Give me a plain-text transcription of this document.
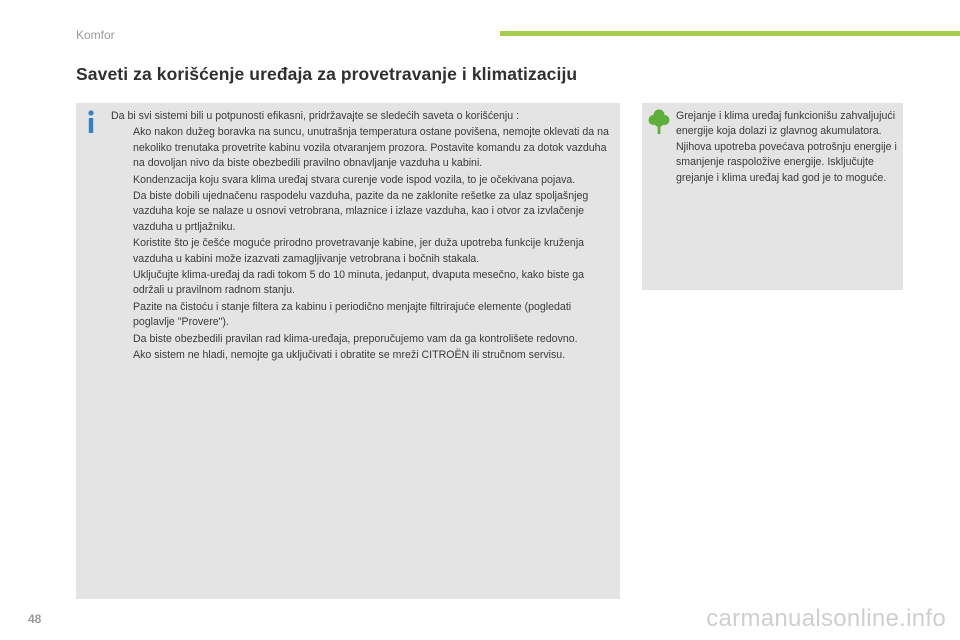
Komfor
Saveti za korišćenje uređaja za provetravanje i klimatizaciju

Da bi svi sistemi bili u potpunosti efikasni, pridržavajte se sledećih saveta o korišćenju :

Ako nakon dužeg boravka na suncu, unutrašnja temperatura ostane povišena, nemojte oklevati da na nekoliko trenutaka provetrite kabinu vozila otvaranjem prozora. Postavite komandu za dotok vazduha na dovoljan nivo da biste obezbedili pravilno obnavljanje vazduha u kabini.
Kondenzacija koju svara klima uređaj stvara curenje vode ispod vozila, to je očekivana pojava.
Da biste dobili ujednačenu raspodelu vazduha, pazite da ne zaklonite rešetke za ulaz spoljašnjeg vazduha koje se nalaze u osnovi vetrobrana, mlaznice i izlaze vazduha, kao i otvor za izvlačenje vazduha u prtljažniku.
Koristite što je češće moguće prirodno provetravanje kabine, jer duža upotreba funkcije kruženja vazduha u kabini može izazvati zamagljivanje vetrobrana i bočnih stakala.
Uključujte klima-uređaj da radi tokom 5 do 10 minuta, jedanput, dvaputa mesečno, kako biste ga održali u pravilnom radnom stanju.
Pazite na čistoću i stanje filtera za kabinu i periodično menjajte filtrirajuće elemente (pogledati poglavlje "Provere").
Da biste obezbedili pravilan rad klima-uređaja, preporučujemo vam da ga kontrolišete redovno.
Ako sistem ne hladi, nemojte ga uključivati i obratite se mreži CITROËN ili stručnom servisu.
Grejanje i klima uređaj funkcionišu zahvaljujući energije koja dolazi iz glavnog akumulatora. Njihova upotreba povećava potrošnju energije i smanjenje raspoložive energije. Isključujte grejanje i klima uređaj kad god je to moguće.
48	carmanualsonline.info
